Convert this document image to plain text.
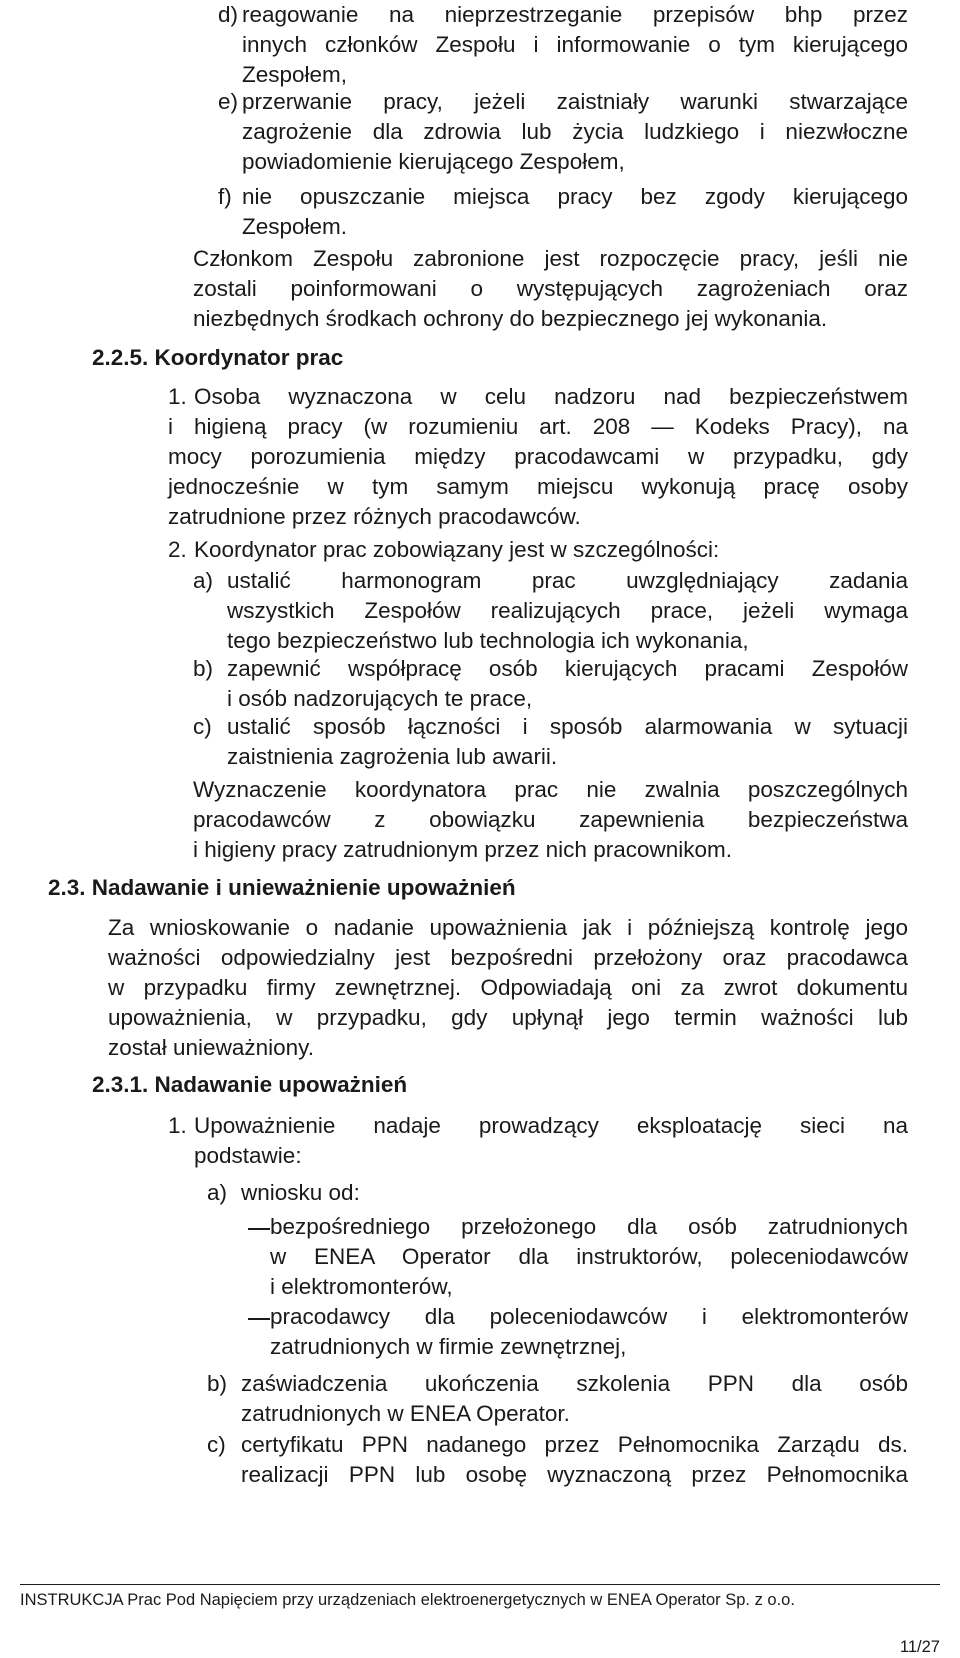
d) reagowanie na nieprzestrzeganie przepisów bhp przez
innych członków Zespołu i informowanie o tym kierującego
Zespołem,
e) przerwanie pracy, jeżeli zaistniały warunki stwarzające
zagrożenie dla zdrowia lub życia ludzkiego i niezwłoczne
powiadomienie kierującego Zespołem,
f) nie opuszczanie miejsca pracy bez zgody kierującego
Zespołem.
Członkom Zespołu zabronione jest rozpoczęcie pracy, jeśli nie
zostali poinformowani o występujących zagrożeniach oraz
niezbędnych środkach ochrony do bezpiecznego jej wykonania.
2.2.5. Koordynator prac
1. Osoba wyznaczona w celu nadzoru nad bezpieczeństwem
i higieną pracy (w rozumieniu art. 208 ― Kodeks Pracy), na
mocy porozumienia między pracodawcami w przypadku, gdy
jednocześnie w tym samym miejscu wykonują pracę osoby
zatrudnione przez różnych pracodawców.
2. Koordynator prac zobowiązany jest w szczególności:
a) ustalić harmonogram prac uwzględniający zadania
wszystkich Zespołów realizujących prace, jeżeli wymaga
tego bezpieczeństwo lub technologia ich wykonania,
b) zapewnić współpracę osób kierujących pracami Zespołów
i osób nadzorujących te prace,
c) ustalić sposób łączności i sposób alarmowania w sytuacji
zaistnienia zagrożenia lub awarii.
Wyznaczenie koordynatora prac nie zwalnia poszczególnych
pracodawców z obowiązku zapewnienia bezpieczeństwa
i higieny pracy zatrudnionym przez nich pracownikom.
2.3. Nadawanie i unieważnienie upoważnień
Za wnioskowanie o nadanie upoważnienia jak i późniejszą kontrolę jego
ważności odpowiedzialny jest bezpośredni przełożony oraz pracodawca
w przypadku firmy zewnętrznej. Odpowiadają oni za zwrot dokumentu
upoważnienia, w przypadku, gdy upłynął jego termin ważności lub
został unieważniony.
2.3.1. Nadawanie upoważnień
1. Upoważnienie nadaje prowadzący eksploatację sieci na
podstawie:
a) wniosku od:
bezpośredniego przełożonego dla osób zatrudnionych
w ENEA Operator dla instruktorów, poleceniodawców
i elektromonterów,
pracodawcy dla poleceniodawców i elektromonterów
zatrudnionych w firmie zewnętrznej,
b) zaświadczenia ukończenia szkolenia PPN dla osób
zatrudnionych w ENEA Operator.
c) certyfikatu PPN nadanego przez Pełnomocnika Zarządu ds.
realizacji PPN lub osobę wyznaczoną przez Pełnomocnika
INSTRUKCJA Prac Pod Napięciem przy urządzeniach elektroenergetycznych w ENEA Operator Sp. z o.o.
11/27
